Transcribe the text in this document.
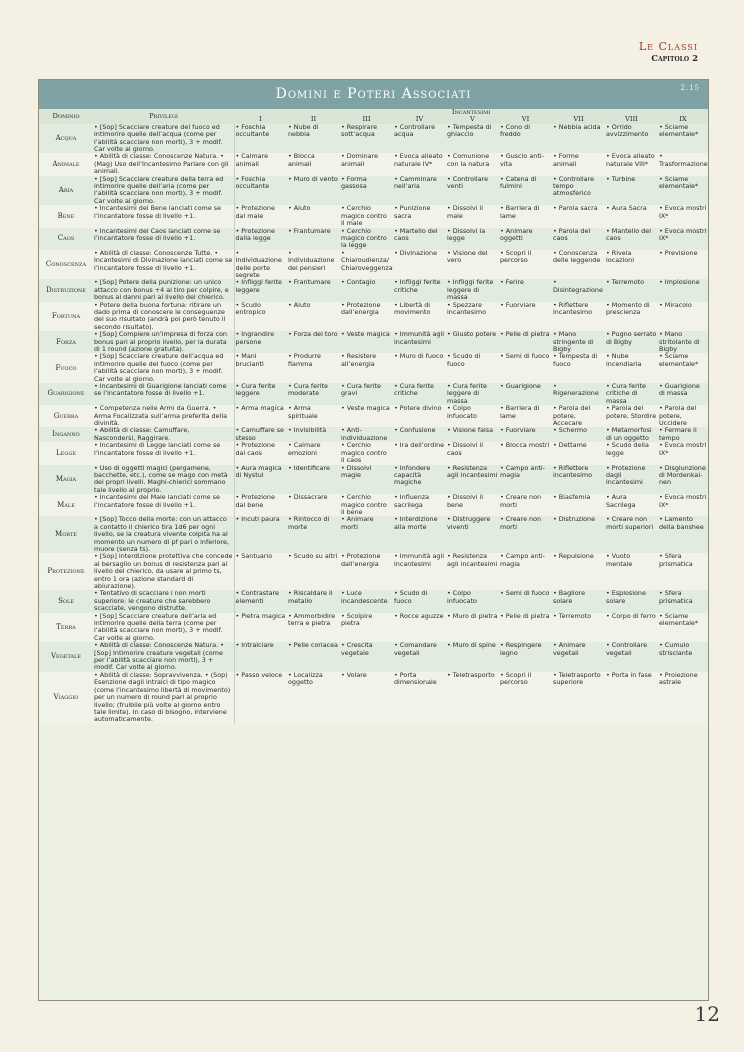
Le Classi
Capitolo 2
Domini e Poteri Associati	2.15
Dominio	Privilegi	Incantesimi								
		I	II	III	IV	V	VI	VII	VIII	IX
Acqua	• [Sop] Scacciare creature del fuoco ed intimorire quelle dell’acqua (come per l’abilità scacciare non morti), 3 + modif. Car volte al giorno.	• Foschia occultante	• Nube di nebbia	• Respirare sott’acqua	• Controllare acqua	• Tempesta di ghiaccio	• Cono di freddo	• Nebbia acida	• Orrido avvizzimento	• Sciame elementale*
Animale	• Abilità di classe: Conoscenze Natura. • (Mag) Uso dell’Incantesimo Parlare con gli animali.	• Calmare animali	• Blocca animali	• Dominare animali	• Evoca alleato naturale IV*	• Comunione con la natura	• Guscio anti-vita	• Forme animali	• Evoca alleato naturale VIII*	• Trasformazione
Aria	• [Sop] Scacciare creature della terra ed intimorire quelle dell’aria (come per l’abilità scacciare non morti), 3 + modif. Car volte al giorno.	• Foschia occultante	• Muro di vento	• Forma gassosa	• Camminare nell’aria	• Controllare venti	• Catena di fulmini	• Controllare tempo atmosferico	• Turbine	• Sciame elementale*
Bene	• Incantesimi del Bene lanciati come se l’incantatore fosse di livello +1.	• Protezione dal male	• Aiuto	• Cerchio magico contro il male	• Punizione sacra	• Dissolvi il male	• Barriera di lame	• Parola sacra	• Aura Sacra	• Evoca mostri IX*
Caos	• Incantesimi del Caos lanciati come se l’incantatore fosse di livello +1.	• Protezione dalla legge	• Frantumare	• Cerchio magico contro la legge	• Martello del caos	• Dissolvi la legge	• Animare oggetti	• Parola del caos	• Mantello del caos	• Evoca mostri IX*
Conoscenza	• Abilità di classe: Conoscenze Tutte. • Incantesimi di Divinazione lanciati come se l’incantatore fosse di livello +1.	• Individuazione delle porte segrete	• Individuazione dei pensieri	• Chiaroudienza/ Chiaroveggenza	• Divinazione	• Visione del vero	• Scopri il percorso	• Conoscenza delle leggende	• Rivela locazioni	• Previsione
Distruzione	• [Sop] Potere della punizione: un unico attacco con bonus +4 al tiro per colpire, e bonus ai danni pari al livello del chierico.	• Infliggi ferite leggere	• Frantumare	• Contagio	• Infliggi ferite critiche	• Infliggi ferite leggere di massa	• Ferire	• Disintegrazione	• Terremoto	• Implosione
Fortuna	• Potere della buona fortuna: ritirare un dado prima di conoscere le conseguenze del suo risultato (andrà poi però tenuto il secondo risultato).	• Scudo entropico	• Aiuto	• Protezione dall’energia	• Libertà di movimento	• Spezzare incantesimo	• Fuorviare	• Riflettere incantesimo	• Momento di prescienza	• Miracolo
Forza	• [Sop] Compiere un’impresa di forza con bonus pari al proprio livello, per la durata di 1 round (azione gratuita).	• Ingrandire persone	• Forza del toro	• Veste magica	• Immunità agli incantesimi	• Giusto potere	• Pelle di pietra	• Mano stringente di Bigby	• Pugno serrato di Bigby	• Mano stritolante di Bigby
Fuoco	• [Sop] Scacciare creature dell’acqua ed intimorire quelle del fuoco (come per l’abilità scacciare non morti), 3 + modif. Car volte al giorno.	• Mani brucianti	• Produrre fiamma	• Resistere all’energia	• Muro di fuoco	• Scudo di fuoco	• Semi di fuoco	• Tempesta di fuoco	• Nube incendiaria	• Sciame elementale*
Guarigione	• Incantesimi di Guarigione lanciati come se l’incantatore fosse di livello +1.	• Cura ferite leggere	• Cura ferite moderate	• Cura ferite gravi	• Cura ferite critiche	• Cura ferite leggere di massa	• Guarigione	• Rigenerazione	• Cura ferite critiche di massa	• Guarigione di massa
Guerra	• Competenza nelle Armi da Guerra. • Arma Focalizzata sull’arma preferita della divinità.	• Arma magica	• Arma spirituale	• Veste magica	• Potere divino	• Colpo infuocato	• Barriera di lame	• Parola del potere, Accecare	• Parola del potere, Stordire	• Parola del potere, Uccidere
Inganno	• Abilità di classe: Camuffare, Nascondersi, Raggirare.	• Camuffare se stesso	• Invisibilità	• Anti-individuazione	• Confusione	• Visione falsa	• Fuorviare	• Schermo	• Metamorfosi di un oggetto	• Fermare il tempo
Legge	• Incantesimi di Legge lanciati come se l’incantatore fosse di livello +1.	• Protezione dal caos	• Calmare emozioni	• Cerchio magico contro il caos	• Ira dell’ordine	• Dissolvi il caos	• Blocca mostri	• Dettame	• Scudo della legge	• Evoca mostri IX*
Magia	• Uso di oggetti magici (pergamene, bacchette, etc.), come se mago con metà dei propri livelli. Maghi-chierici sommano tale livello al proprio.	• Aura magica di Nystul	• Identificare	• Dissolvi magie	• Infondere capacità magiche	• Resistenza agli incantesimi	• Campo anti-magia	• Riflettere incantesimo	• Protezione dagli incantesimi	• Disgiunzione di Mordenkai-nen
Male	• Incantesimi del Male lanciati come se l’incantatore fosse di livello +1.	• Protezione dal bene	• Dissacrare	• Cerchio magico contro il bene	• Influenza sacrilega	• Dissolvi il bene	• Creare non morti	• Blasfemia	• Aura Sacrilega	• Evoca mostri IX*
Morte	• [Sop] Tocco della morte: con un attacco a contatto il chierico tira 1d6 per ogni livello, se la creatura vivente colpita ha al momento un numero di pf pari o inferiore, muore (senza ts).	• Incuti paura	• Rintocco di morte	• Animare morti	• Interdizione alla morte	• Distruggere viventi	• Creare non morti	• Distruzione	• Creare non morti superiori	• Lamento della banshee
Protezione	• [Sop] Interdizione protettiva che concede al bersaglio un bonus di resistenza pari al livello del chierico, da usare al primo ts, entro 1 ora (azione standard di abiurazione).	• Santuario	• Scudo su altri	• Protezione dall’energia	• Immunità agli incantesimi	• Resistenza agli incantesimi	• Campo anti-magia	• Repulsione	• Vuoto mentale	• Sfera prismatica
Sole	• Tentativo di scacciare i non morti superiore: le creature che sarebbero scacciate, vengono distrutte.	• Contrastare elementi	• Riscaldare il metallo	• Luce incandescente	• Scudo di fuoco	• Colpo infuocato	• Semi di fuoco	• Bagliore solare	• Esplosione solare	• Sfera prismatica
Terra	• [Sop] Scacciare creature dell’aria ed intimorire quelle della terra (come per l’abilità scacciare non morti), 3 + modif. Car volte al giorno.	• Pietra magica	• Ammorbidire terra e pietra	• Scolpire pietra	• Rocce aguzze	• Muro di pietra	• Pelle di pietra	• Terremoto	• Corpo di ferro	• Sciame elementale*
Vegetale	• Abilità di classe: Conoscenze Natura. • [Sop] Intimorire creature vegetali (come per l’abilità scacciare non morti), 3 + modif. Car volte al giorno.	• Intralciare	• Pelle coriacea	• Crescita vegetale	• Comandare vegetali	• Muro di spine	• Respingere legno	• Animare vegetali	• Controllare vegetali	• Cumulo strisciante
Viaggio	• Abilità di classe: Sopravvivenza. • (Sop) Esenzione dagli intralci di tipo magico (come l’incantesimo libertà di movimento) per un numero di round pari al proprio livello; (fruibile più volte al giorno entro tale limite). In caso di bisogno, interviene automaticamente.	• Passo veloce	• Localizza oggetto	• Volare	• Porta dimensionale	• Teletrasporto	• Scopri il percorso	• Teletrasporto superiore	• Porta in fase	• Proiezione astrale
12
